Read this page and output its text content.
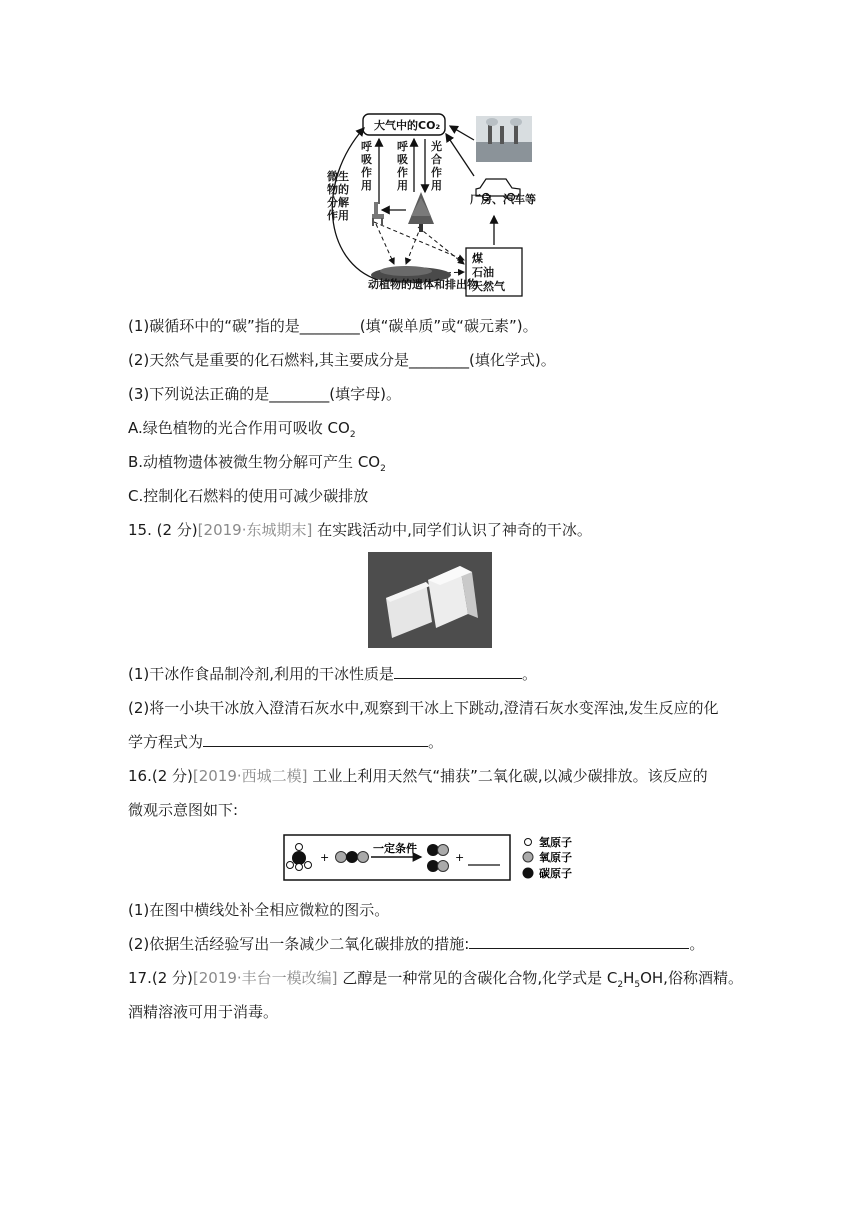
大气中的CO₂
厂房、汽车等
煤
石油
天然气
动植物的遗体和排出物
呼吸作用
呼吸作用
光合作用
微生物的分解作用
(1)碳循环中的“碳”指的是________(填“碳单质”或“碳元素”)。
(2)天然气是重要的化石燃料,其主要成分是________(填化学式)。
(3)下列说法正确的是________(填字母)。
A.绿色植物的光合作用可吸收 $CO_2$
B.动植物遗体被微生物分解可产生 $CO_2$
C.控制化石燃料的使用可减少碳排放
15. (2 分)[2019·东城期末] 在实践活动中,同学们认识了神奇的干冰。
(1)干冰作食品制冷剂,利用的干冰性质是	。
(2)将一小块干冰放入澄清石灰水中,观察到干冰上下跳动,澄清石灰水变浑浊,发生反应的化
学方程式为	。
16.(2 分)[2019·西城二模] 工业上利用天然气“捕获”二氧化碳,以减少碳排放。该反应的
微观示意图如下:
+
一定条件
+
氢原子
氧原子
碳原子
(1)在图中横线处补全相应微粒的图示。
(2)依据生活经验写出一条减少二氧化碳排放的措施:	。
17.(2 分)[2019·丰台一模改编] 乙醇是一种常见的含碳化合物,化学式是 $C_2H_5OH$,俗称酒精。
酒精溶液可用于消毒。
